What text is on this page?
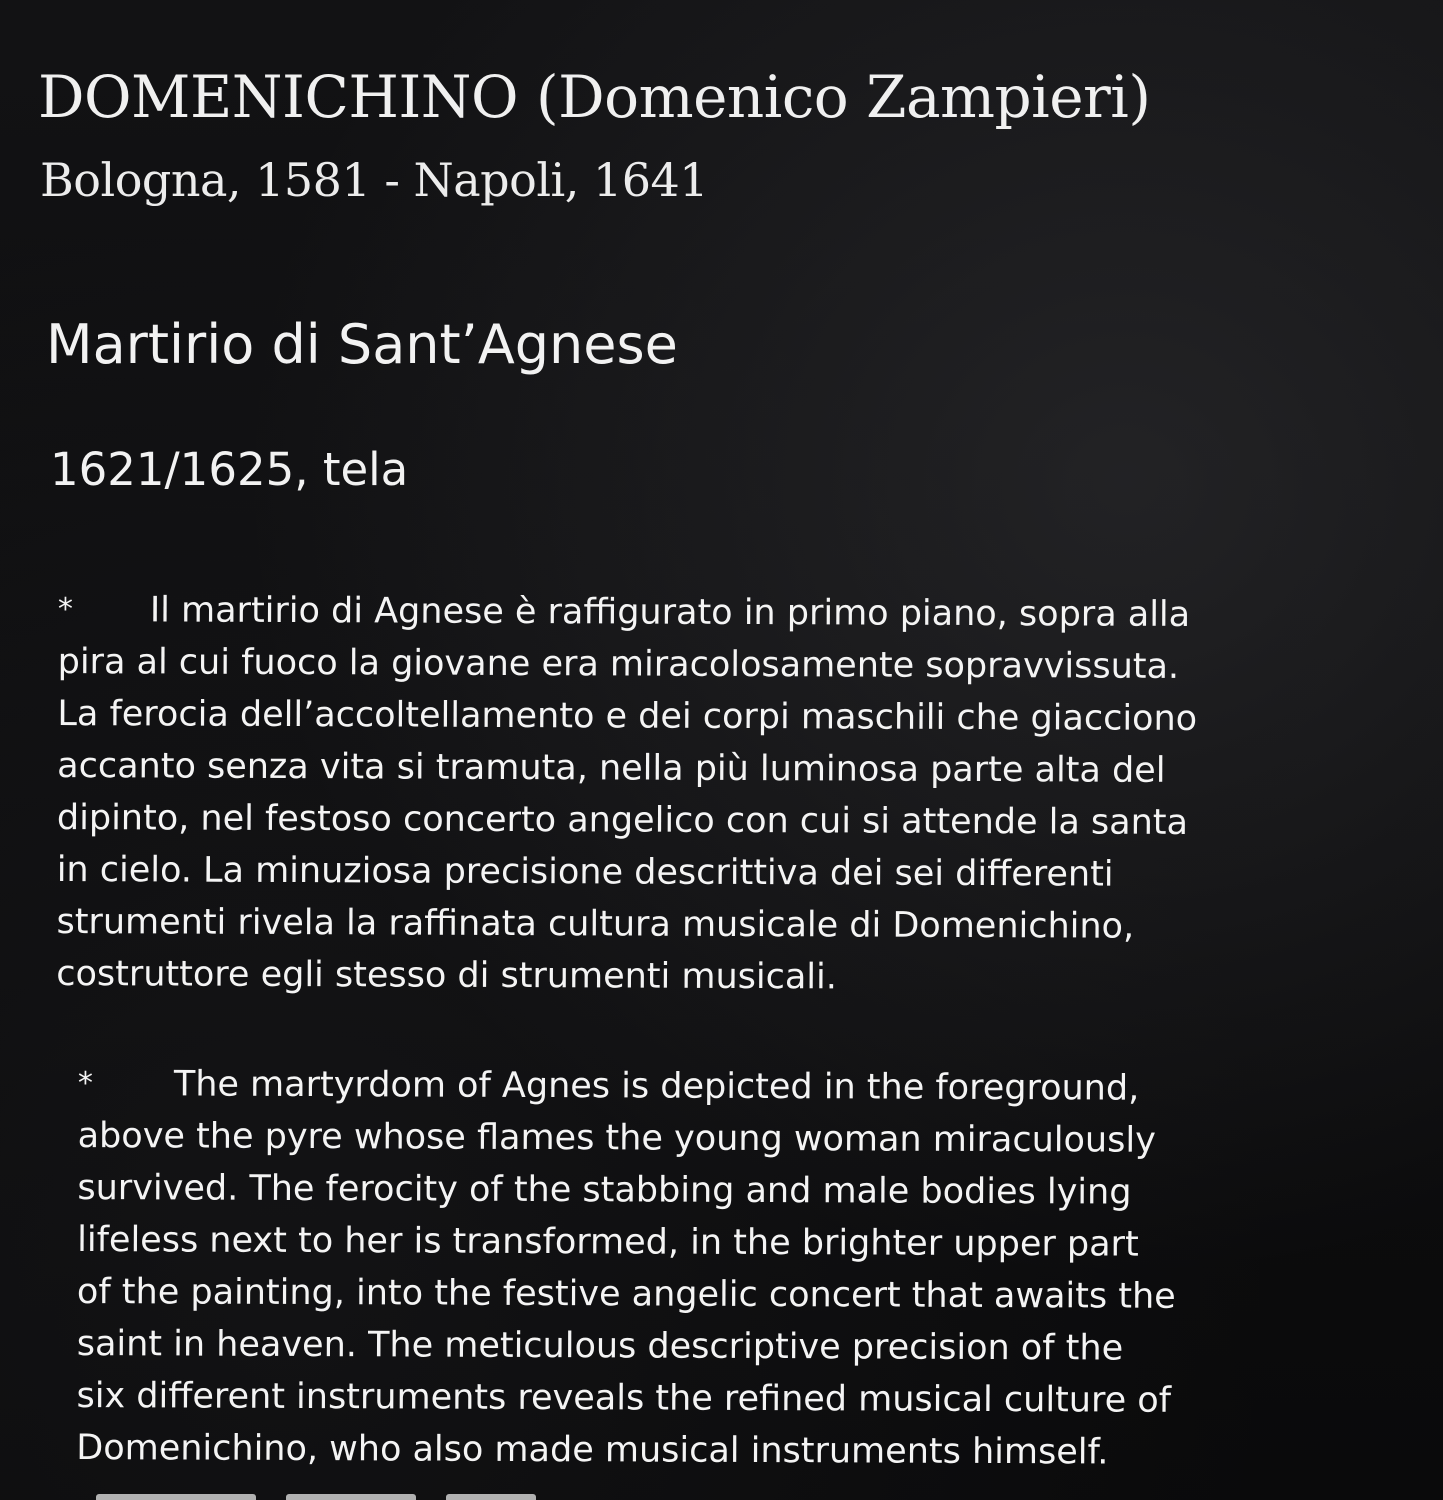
DOMENICHINO (Domenico Zampieri)

Bologna, 1581 - Napoli, 1641

Martirio di Sant’Agnese

1621/1625, tela

* Il martirio di Agnese è raffigurato in primo piano, sopra alla
pira al cui fuoco la giovane era miracolosamente sopravvissuta.
La ferocia dell’accoltellamento e dei corpi maschili che giacciono
accanto senza vita si tramuta, nella più luminosa parte alta del
dipinto, nel festoso concerto angelico con cui si attende la santa
in cielo. La minuziosa precisione descrittiva dei sei differenti
strumenti rivela la raffinata cultura musicale di Domenichino,
costruttore egli stesso di strumenti musicali.
* The martyrdom of Agnes is depicted in the foreground,
above the pyre whose flames the young woman miraculously
survived. The ferocity of the stabbing and male bodies lying
lifeless next to her is transformed, in the brighter upper part
of the painting, into the festive angelic concert that awaits the
saint in heaven. The meticulous descriptive precision of the
six different instruments reveals the refined musical culture of
Domenichino, who also made musical instruments himself.
